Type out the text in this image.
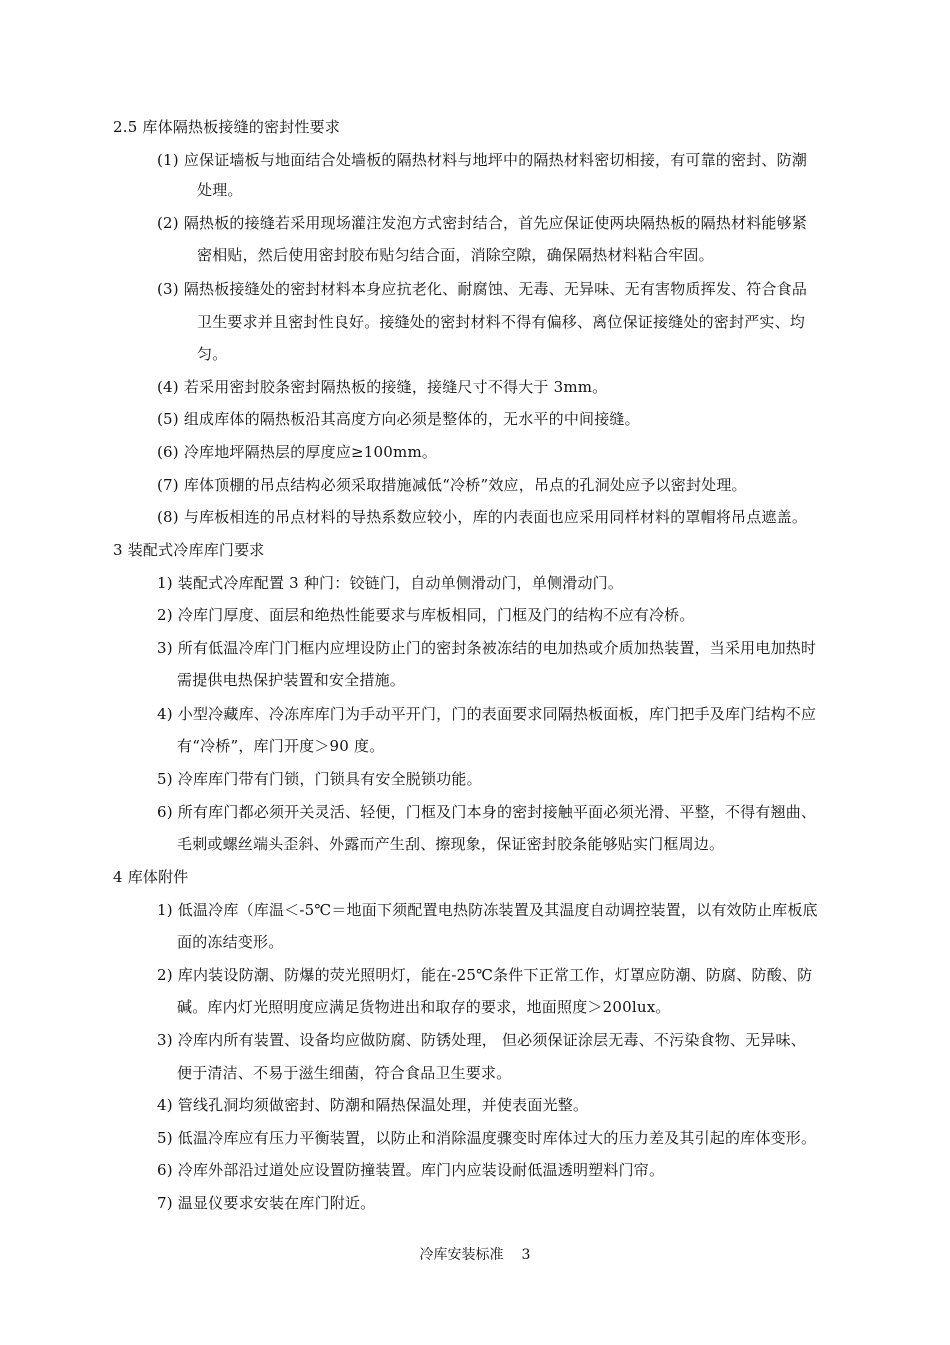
2.5 库体隔热板接缝的密封性要求
(1) 应保证墙板与地面结合处墙板的隔热材料与地坪中的隔热材料密切相接，有可靠的密封、防潮
处理。
(2) 隔热板的接缝若采用现场灌注发泡方式密封结合，首先应保证使两块隔热板的隔热材料能够紧
密相贴，然后使用密封胶布贴匀结合面，消除空隙，确保隔热材料粘合牢固。
(3) 隔热板接缝处的密封材料本身应抗老化、耐腐蚀、无毒、无异味、无有害物质挥发、符合食品
卫生要求并且密封性良好。接缝处的密封材料不得有偏移、离位保证接缝处的密封严实、均
匀。
(4) 若采用密封胶条密封隔热板的接缝，接缝尺寸不得大于 3mm。
(5) 组成库体的隔热板沿其高度方向必须是整体的，无水平的中间接缝。
(6) 冷库地坪隔热层的厚度应≥100mm。
(7) 库体顶棚的吊点结构必须采取措施减低“冷桥”效应，吊点的孔洞处应予以密封处理。
(8) 与库板相连的吊点材料的导热系数应较小，库的内表面也应采用同样材料的罩帽将吊点遮盖。
3 装配式冷库库门要求
1) 装配式冷库配置 3 种门：铰链门，自动单侧滑动门，单侧滑动门。
2) 冷库门厚度、面层和绝热性能要求与库板相同，门框及门的结构不应有冷桥。
3) 所有低温冷库门门框内应埋设防止门的密封条被冻结的电加热或介质加热装置，当采用电加热时
需提供电热保护装置和安全措施。
4) 小型冷藏库、冷冻库库门为手动平开门，门的表面要求同隔热板面板，库门把手及库门结构不应
有“冷桥”，库门开度＞90 度。
5) 冷库库门带有门锁，门锁具有安全脱锁功能。
6) 所有库门都必须开关灵活、轻便，门框及门本身的密封接触平面必须光滑、平整，不得有翘曲、
毛刺或螺丝端头歪斜、外露而产生刮、擦现象，保证密封胶条能够贴实门框周边。
4 库体附件
1) 低温冷库（库温＜-5℃＝地面下须配置电热防冻装置及其温度自动调控装置，以有效防止库板底
面的冻结变形。
2) 库内装设防潮、防爆的荧光照明灯，能在-25℃条件下正常工作，灯罩应防潮、防腐、防酸、防
碱。库内灯光照明度应满足货物进出和取存的要求，地面照度＞200lux。
3) 冷库内所有装置、设备均应做防腐、防锈处理， 但必须保证涂层无毒、不污染食物、无异味、
便于清洁、不易于滋生细菌，符合食品卫生要求。
4) 管线孔洞均须做密封、防潮和隔热保温处理，并使表面光整。
5) 低温冷库应有压力平衡装置，以防止和消除温度骤变时库体过大的压力差及其引起的库体变形。
6) 冷库外部沿过道处应设置防撞装置。库门内应装设耐低温透明塑料门帘。
7) 温显仪要求安装在库门附近。
冷库安装标准 3
